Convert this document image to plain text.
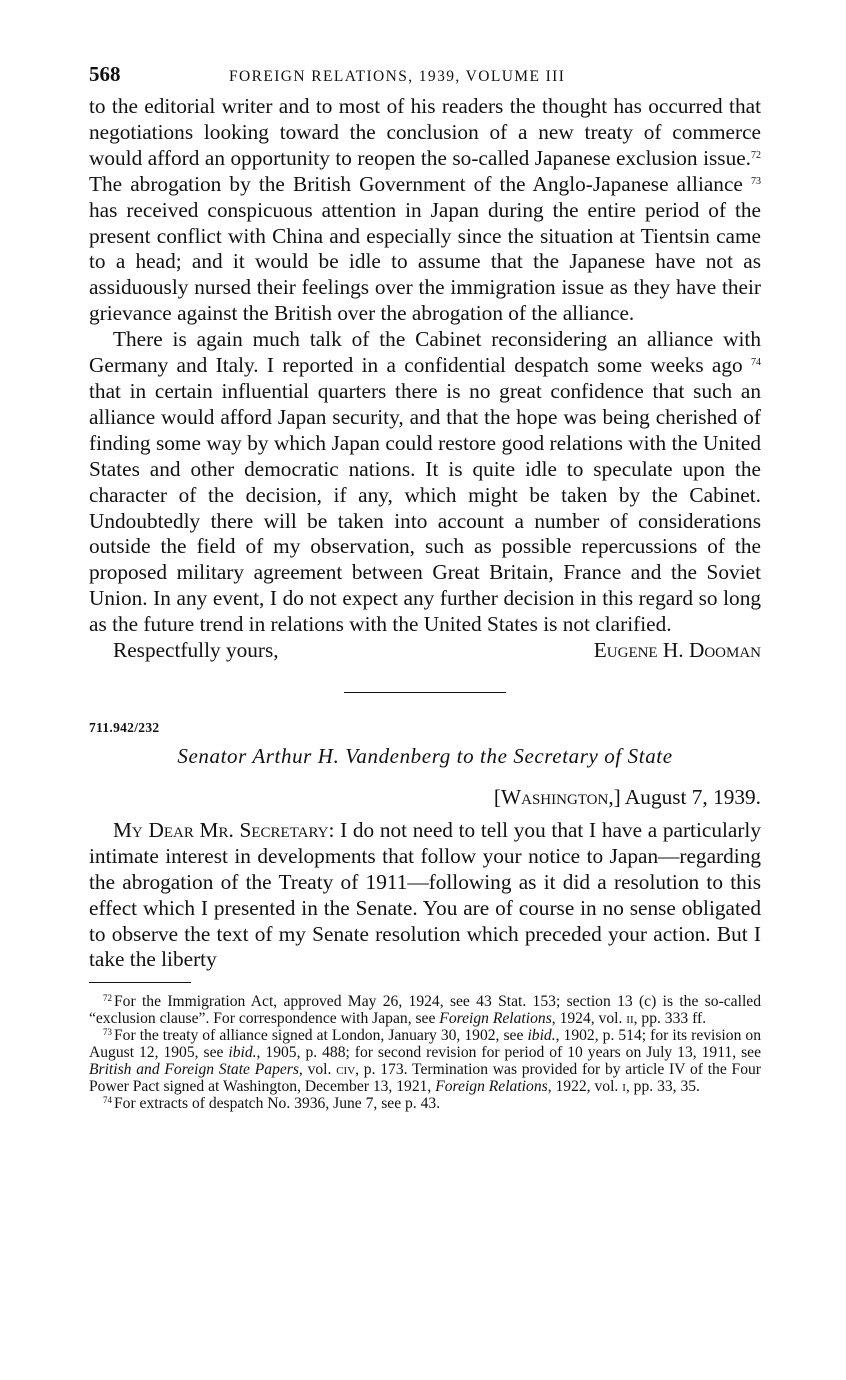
568	FOREIGN RELATIONS, 1939, VOLUME III

to the editorial writer and to most of his readers the thought has occurred that negotiations looking toward the conclusion of a new treaty of commerce would afford an opportunity to reopen the so-called Japanese exclusion issue.$^{72}$ The abrogation by the British Government of the Anglo-Japanese alliance $^{73}$ has received conspicuous attention in Japan during the entire period of the present conflict with China and especially since the situation at Tientsin came to a head; and it would be idle to assume that the Japanese have not as assiduously nursed their feelings over the immigration issue as they have their grievance against the British over the abrogation of the alliance.

There is again much talk of the Cabinet reconsidering an alliance with Germany and Italy. I reported in a confidential despatch some weeks ago $^{74}$ that in certain influential quarters there is no great confidence that such an alliance would afford Japan security, and that the hope was being cherished of finding some way by which Japan could restore good relations with the United States and other democratic nations. It is quite idle to speculate upon the character of the decision, if any, which might be taken by the Cabinet. Undoubtedly there will be taken into account a number of considerations outside the field of my observation, such as possible repercussions of the proposed military agreement between Great Britain, France and the Soviet Union. In any event, I do not expect any further decision in this regard so long as the future trend in relations with the United States is not clarified.

Respectfully yours,	Eugene H. Dooman
711.942/232
Senator Arthur H. Vandenberg to the Secretary of State
[Washington,] August 7, 1939.

My Dear Mr. Secretary: I do not need to tell you that I have a particularly intimate interest in developments that follow your notice to Japan—regarding the abrogation of the Treaty of 1911—following as it did a resolution to this effect which I presented in the Senate. You are of course in no sense obligated to observe the text of my Senate resolution which preceded your action. But I take the liberty

$^{72}$ For the Immigration Act, approved May 26, 1924, see 43 Stat. 153; section 13 (c) is the so-called “exclusion clause”. For correspondence with Japan, see Foreign Relations, 1924, vol. ii, pp. 333 ff.

$^{73}$ For the treaty of alliance signed at London, January 30, 1902, see ibid., 1902, p. 514; for its revision on August 12, 1905, see ibid., 1905, p. 488; for second revision for period of 10 years on July 13, 1911, see British and Foreign State Papers, vol. civ, p. 173. Termination was provided for by article IV of the Four Power Pact signed at Washington, December 13, 1921, Foreign Relations, 1922, vol. i, pp. 33, 35.

$^{74}$ For extracts of despatch No. 3936, June 7, see p. 43.
